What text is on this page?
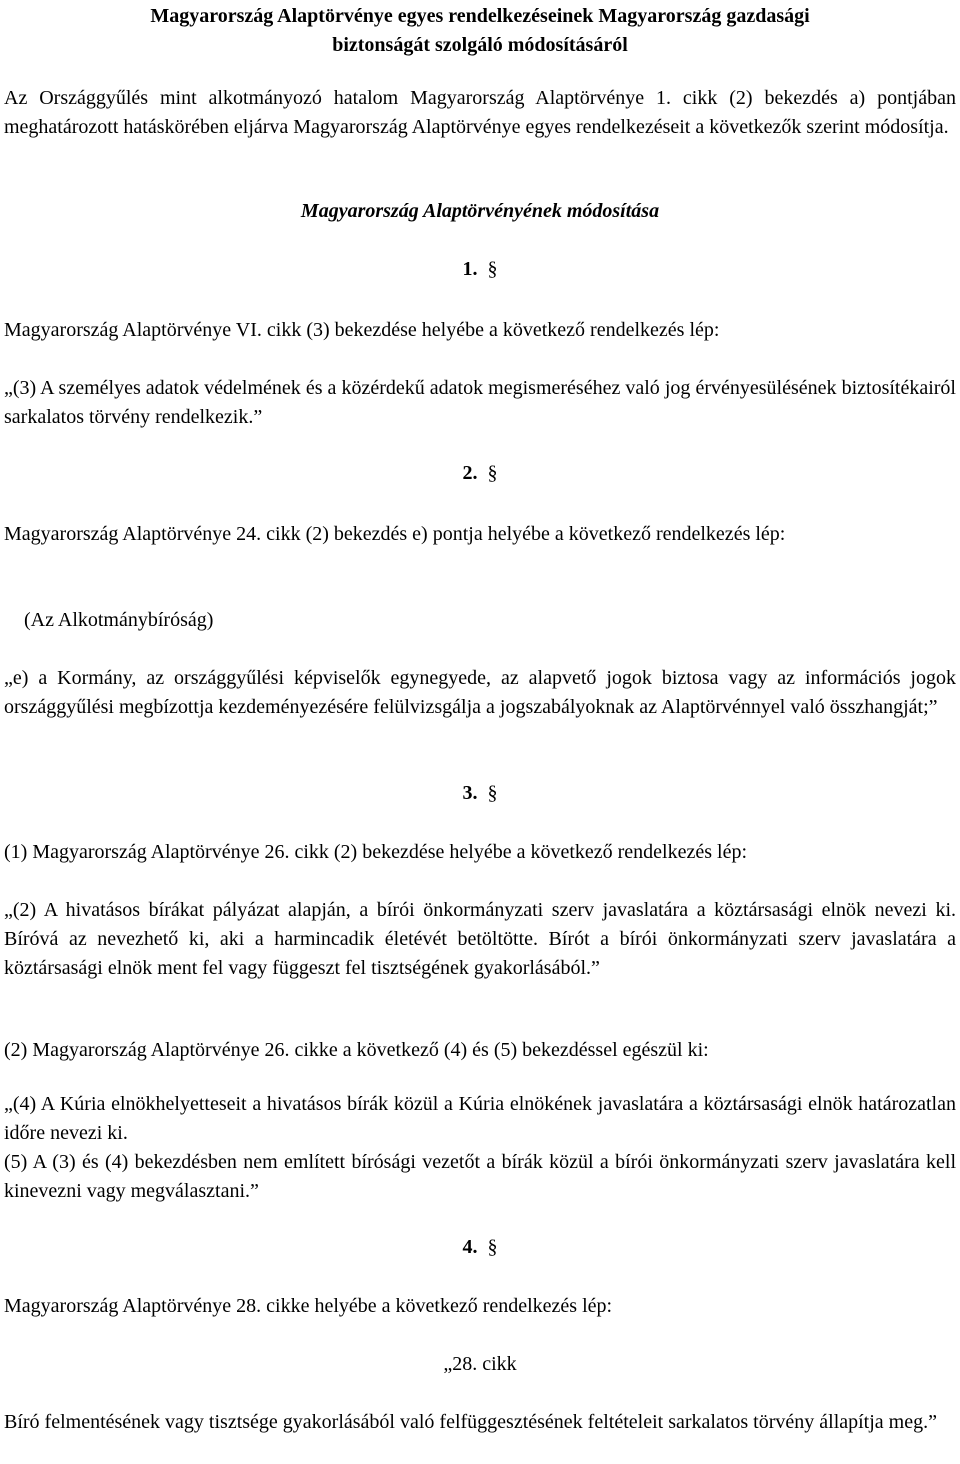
Magyarország Alaptörvénye egyes rendelkezéseinek Magyarország gazdasági
biztonságát szolgáló módosításáról

Az Országgyűlés mint alkotmányozó hatalom Magyarország Alaptörvénye 1. cikk (2) bekezdés a) pontjában meghatározott hatáskörében eljárva Magyarország Alaptörvénye egyes rendelkezéseit a következők szerint módosítja.

Magyarország Alaptörvényének módosítása
1. §

Magyarország Alaptörvénye VI. cikk (3) bekezdése helyébe a következő rendelkezés lép:

„(3) A személyes adatok védelmének és a közérdekű adatok megismeréséhez való jog érvényesülésének biztosítékairól sarkalatos törvény rendelkezik.”

2. §

Magyarország Alaptörvénye 24. cikk (2) bekezdés e) pontja helyébe a következő rendelkezés lép:

(Az Alkotmánybíróság)

„e) a Kormány, az országgyűlési képviselők egynegyede, az alapvető jogok biztosa vagy az információs jogok országgyűlési megbízottja kezdeményezésére felülvizsgálja a jogszabályoknak az Alaptörvénnyel való összhangját;”

3. §

(1) Magyarország Alaptörvénye 26. cikk (2) bekezdése helyébe a következő rendelkezés lép:

„(2) A hivatásos bírákat pályázat alapján, a bírói önkormányzati szerv javaslatára a köztársasági elnök nevezi ki. Bíróvá az nevezhető ki, aki a harmincadik életévét betöltötte. Bírót a bírói önkormányzati szerv javaslatára a köztársasági elnök ment fel vagy függeszt fel tisztségének gyakorlásából.”

(2) Magyarország Alaptörvénye 26. cikke a következő (4) és (5) bekezdéssel egészül ki:

„(4) A Kúria elnökhelyetteseit a hivatásos bírák közül a Kúria elnökének javaslatára a köztársasági elnök határozatlan időre nevezi ki.

(5) A (3) és (4) bekezdésben nem említett bírósági vezetőt a bírák közül a bírói önkormányzati szerv javaslatára kell kinevezni vagy megválasztani.”

4. §

Magyarország Alaptörvénye 28. cikke helyébe a következő rendelkezés lép:

„28. cikk

Bíró felmentésének vagy tisztsége gyakorlásából való felfüggesztésének feltételeit sarkalatos törvény állapítja meg.”
